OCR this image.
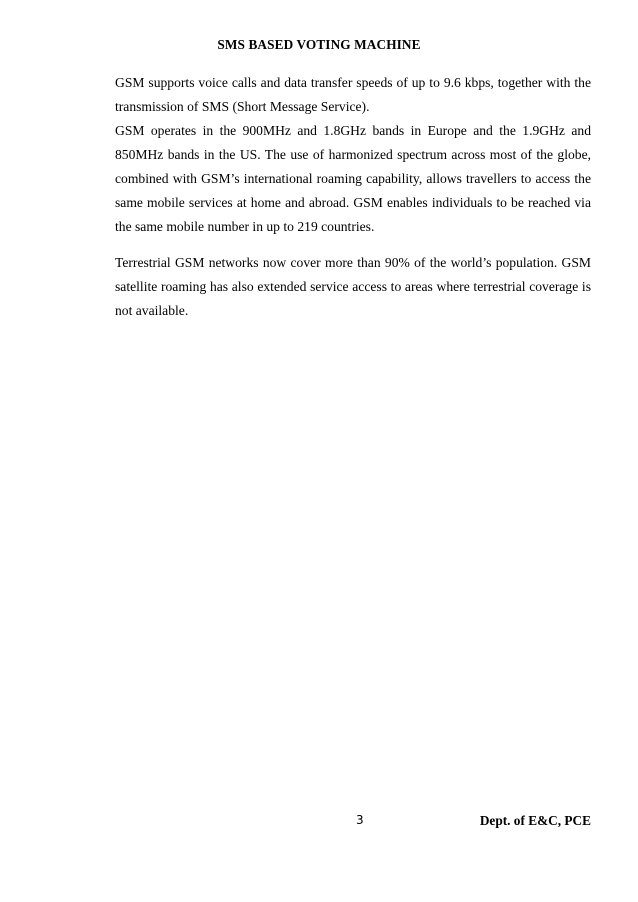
SMS BASED VOTING MACHINE

GSM supports voice calls and data transfer speeds of up to 9.6 kbps, together with the transmission of SMS (Short Message Service).

GSM operates in the 900MHz and 1.8GHz bands in Europe and the 1.9GHz and 850MHz bands in the US. The use of harmonized spectrum across most of the globe, combined with GSM’s international roaming capability, allows travellers to access the same mobile services at home and abroad. GSM enables individuals to be reached via the same mobile number in up to 219 countries.

Terrestrial GSM networks now cover more than 90% of the world’s population. GSM satellite roaming has also extended service access to areas where terrestrial coverage is not available.

3	Dept. of E&C, PCE
